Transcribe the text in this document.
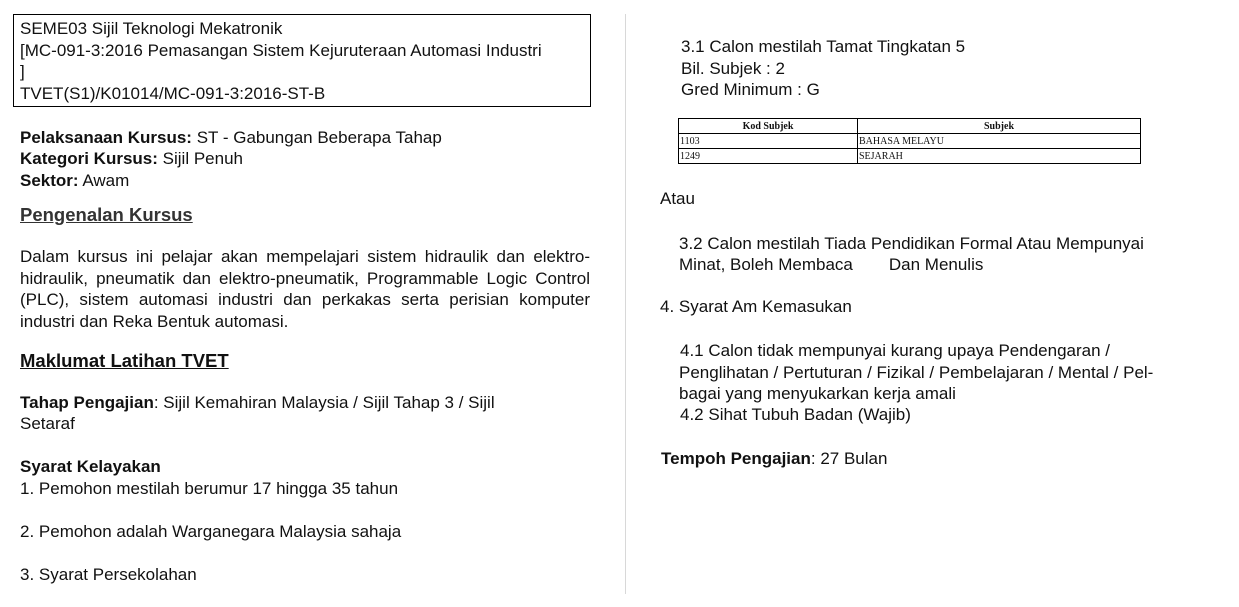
SEME03 Sijil Teknologi Mekatronik
[MC-091-3:2016 Pemasangan Sistem Kejuruteraan Automasi Industri
]
TVET(S1)/K01014/MC-091-3:2016-ST-B
Pelaksanaan Kursus: ST - Gabungan Beberapa Tahap
Kategori Kursus: Sijil Penuh
Sektor: Awam
Pengenalan Kursus
Dalam kursus ini pelajar akan mempelajari sistem hidraulik dan elektro-hidraulik, pneumatik dan elektro-pneumatik, Programmable Logic Control (PLC), sistem automasi industri dan perkakas serta perisian komputer industri dan Reka Bentuk automasi.
Maklumat Latihan TVET
Tahap Pengajian: Sijil Kemahiran Malaysia / Sijil Tahap 3 / Sijil
Setaraf
Syarat Kelayakan
1. Pemohon mestilah berumur 17 hingga 35 tahun
2. Pemohon adalah Warganegara Malaysia sahaja
3. Syarat Persekolahan
3.1 Calon mestilah Tamat Tingkatan 5
Bil. Subjek : 2
Gred Minimum : G
Kod Subjek	Subjek
1103	BAHASA MELAYU
1249	SEJARAH
Atau
3.2 Calon mestilah Tiada Pendidikan Formal Atau Mempunyai
Minat, Boleh Membaca Dan Menulis
4. Syarat Am Kemasukan
4.1 Calon tidak mempunyai kurang upaya Pendengaran /
Penglihatan / Pertuturan / Fizikal / Pembelajaran / Mental / Pel-
bagai yang menyukarkan kerja amali
4.2 Sihat Tubuh Badan (Wajib)
Tempoh Pengajian: 27 Bulan
